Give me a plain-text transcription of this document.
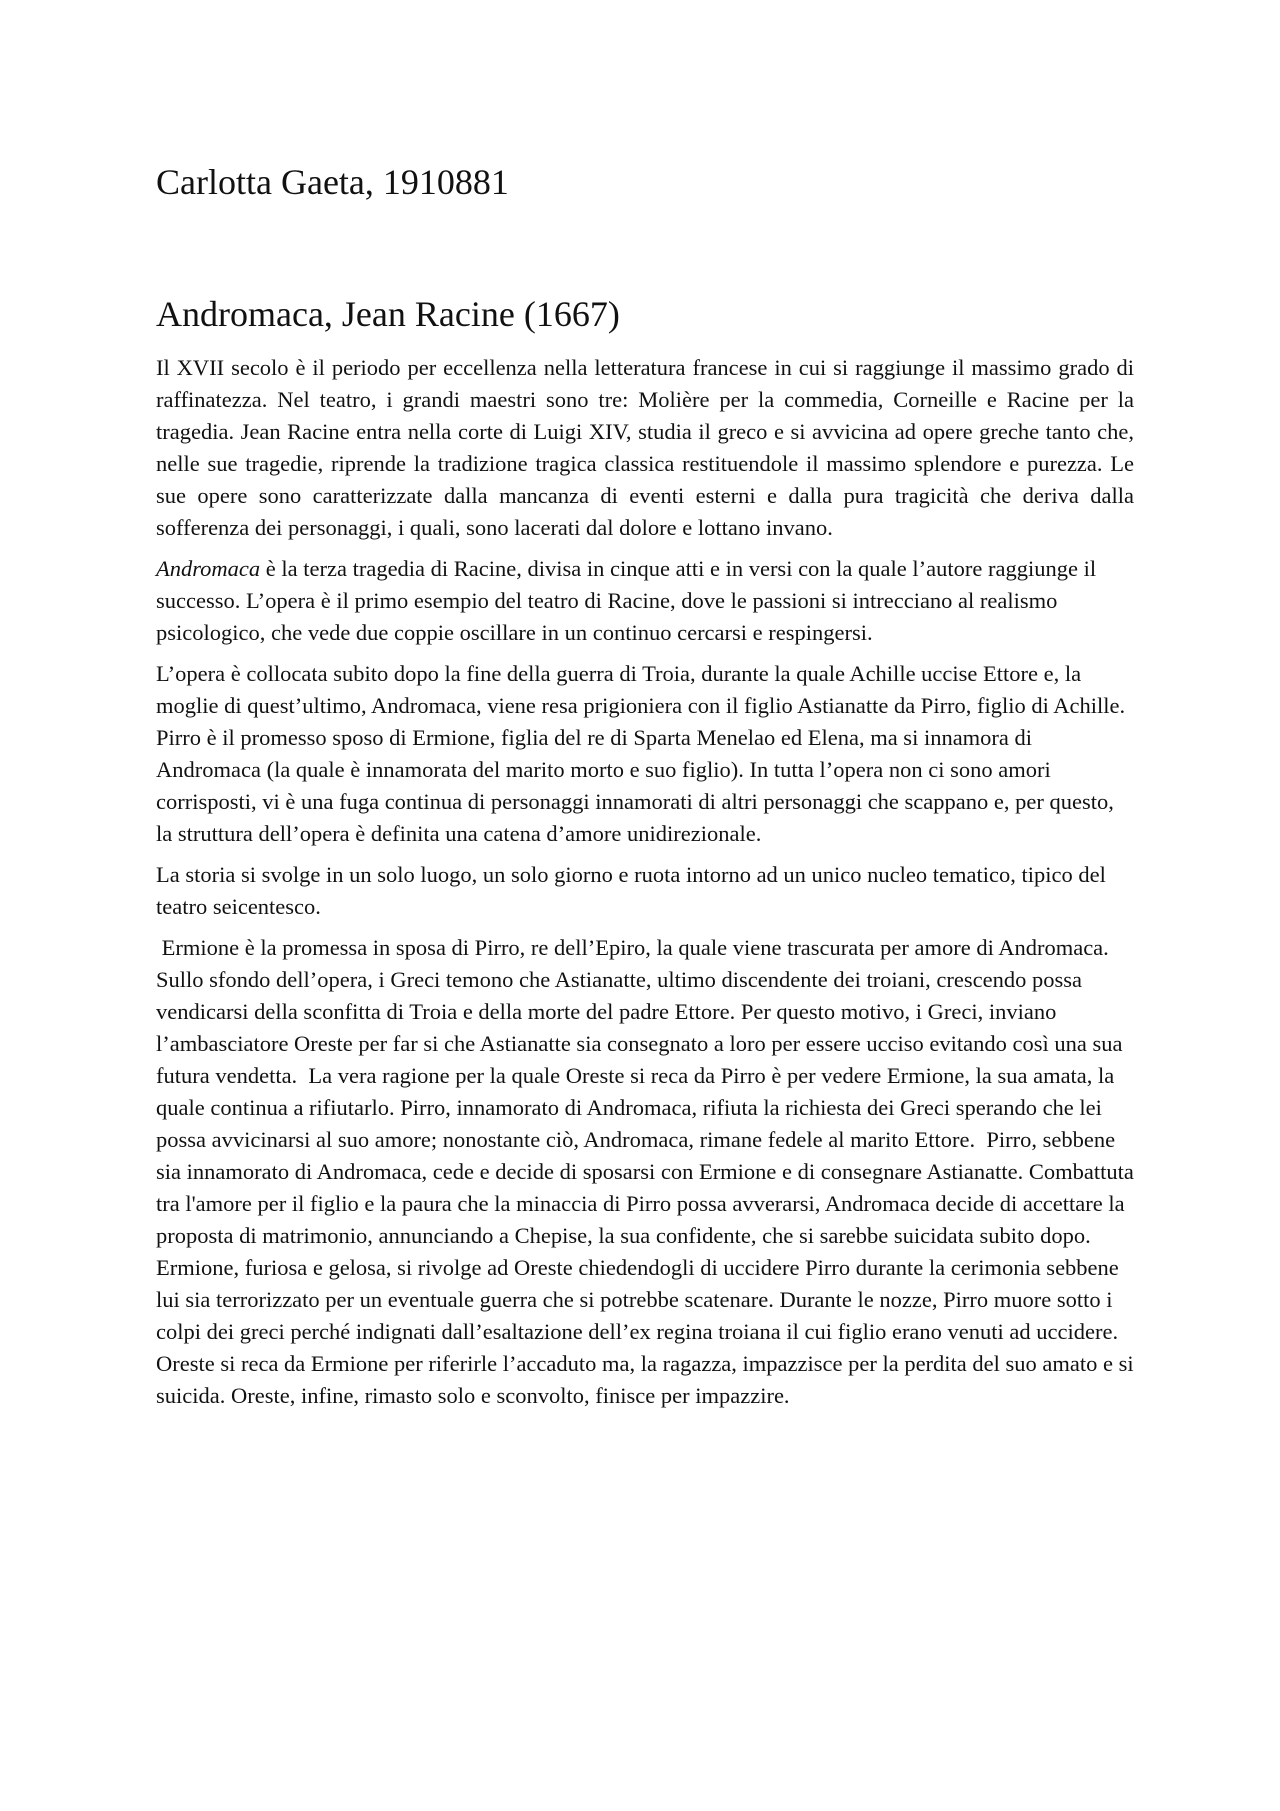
Carlotta Gaeta, 1910881
Andromaca, Jean Racine (1667)

Il XVII secolo è il periodo per eccellenza nella letteratura francese in cui si raggiunge il massimo grado di raffinatezza. Nel teatro, i grandi maestri sono tre: Molière per la commedia, Corneille e Racine per la tragedia. Jean Racine entra nella corte di Luigi XIV, studia il greco e si avvicina ad opere greche tanto che, nelle sue tragedie, riprende la tradizione tragica classica restituendole il massimo splendore e purezza. Le sue opere sono caratterizzate dalla mancanza di eventi esterni e dalla pura tragicità che deriva dalla sofferenza dei personaggi, i quali, sono lacerati dal dolore e lottano invano.

Andromaca è la terza tragedia di Racine, divisa in cinque atti e in versi con la quale l’autore raggiunge il successo. L’opera è il primo esempio del teatro di Racine, dove le passioni si intrecciano al realismo psicologico, che vede due coppie oscillare in un continuo cercarsi e respingersi.

L’opera è collocata subito dopo la fine della guerra di Troia, durante la quale Achille uccise Ettore e, la moglie di quest’ultimo, Andromaca, viene resa prigioniera con il figlio Astianatte da Pirro, figlio di Achille. Pirro è il promesso sposo di Ermione, figlia del re di Sparta Menelao ed Elena, ma si innamora di Andromaca (la quale è innamorata del marito morto e suo figlio). In tutta l’opera non ci sono amori corrisposti, vi è una fuga continua di personaggi innamorati di altri personaggi che scappano e, per questo, la struttura dell’opera è definita una catena d’amore unidirezionale.

La storia si svolge in un solo luogo, un solo giorno e ruota intorno ad un unico nucleo tematico, tipico del teatro seicentesco.

Ermione è la promessa in sposa di Pirro, re dell’Epiro, la quale viene trascurata per amore di Andromaca. Sullo sfondo dell’opera, i Greci temono che Astianatte, ultimo discendente dei troiani, crescendo possa vendicarsi della sconfitta di Troia e della morte del padre Ettore. Per questo motivo, i Greci, inviano l’ambasciatore Oreste per far si che Astianatte sia consegnato a loro per essere ucciso evitando così una sua futura vendetta.  La vera ragione per la quale Oreste si reca da Pirro è per vedere Ermione, la sua amata, la quale continua a rifiutarlo. Pirro, innamorato di Andromaca, rifiuta la richiesta dei Greci sperando che lei possa avvicinarsi al suo amore; nonostante ciò, Andromaca, rimane fedele al marito Ettore.  Pirro, sebbene sia innamorato di Andromaca, cede e decide di sposarsi con Ermione e di consegnare Astianatte. Combattuta tra l'amore per il figlio e la paura che la minaccia di Pirro possa avverarsi, Andromaca decide di accettare la proposta di matrimonio, annunciando a Chepise, la sua confidente, che si sarebbe suicidata subito dopo. Ermione, furiosa e gelosa, si rivolge ad Oreste chiedendogli di uccidere Pirro durante la cerimonia sebbene lui sia terrorizzato per un eventuale guerra che si potrebbe scatenare. Durante le nozze, Pirro muore sotto i colpi dei greci perché indignati dall’esaltazione dell’ex regina troiana il cui figlio erano venuti ad uccidere. Oreste si reca da Ermione per riferirle l’accaduto ma, la ragazza, impazzisce per la perdita del suo amato e si suicida. Oreste, infine, rimasto solo e sconvolto, finisce per impazzire.
